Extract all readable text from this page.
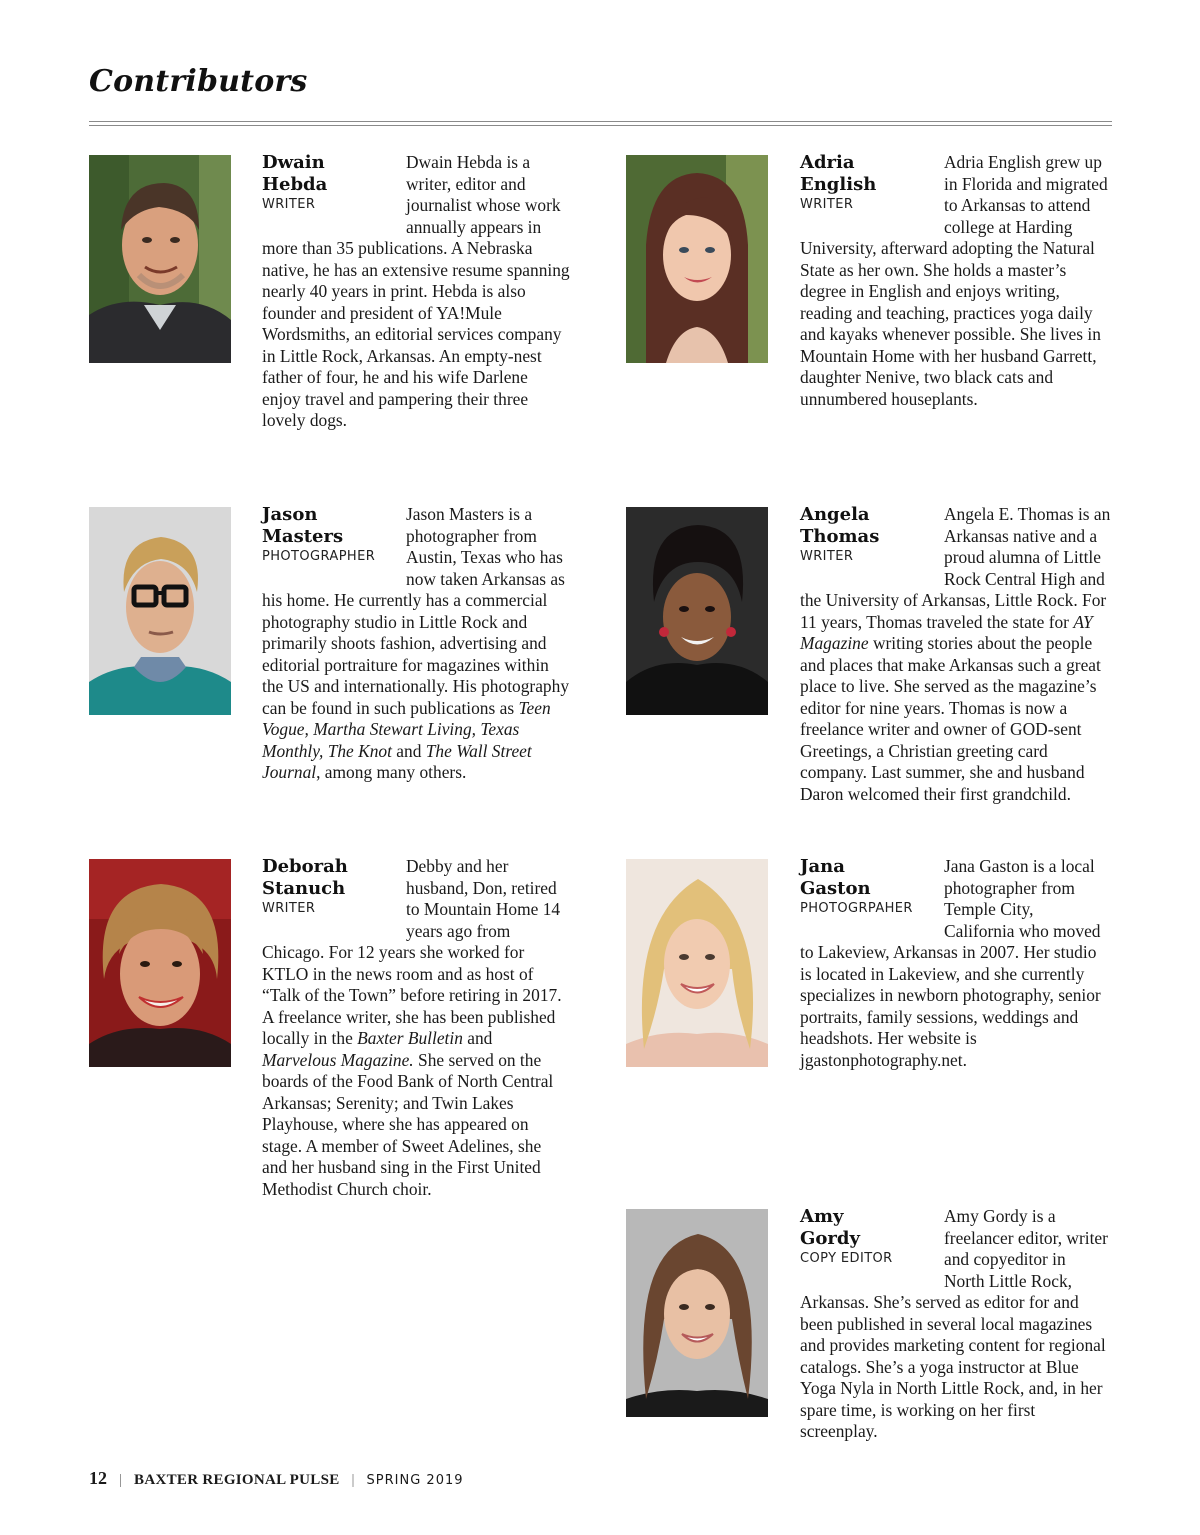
Contributors
Dwain
Hebda
WRITER
Dwain Hebda is a writer, editor and journalist whose work annually appears in more than 35 publications. A Nebraska native, he has an extensive resume spanning nearly 40 years in print. Hebda is also founder and president of YA!Mule Wordsmiths, an editorial services company in Little Rock, Arkansas. An empty-nest father of four, he and his wife Darlene enjoy travel and pampering their three lovely dogs.
Adria
English
WRITER
Adria English grew up in Florida and migrated to Arkansas to attend college at Harding University, afterward adopting the Natural State as her own. She holds a master’s degree in English and enjoys writing, reading and teaching, practices yoga daily and kayaks whenever possible. She lives in Mountain Home with her husband Garrett, daughter Nenive, two black cats and unnumbered houseplants.
Jason
Masters
PHOTOGRAPHER
Jason Masters is a photographer from Austin, Texas who has now taken Arkansas as his home. He currently has a commercial photography studio in Little Rock and primarily shoots fashion, advertising and editorial portraiture for magazines within the US and internationally. His photography can be found in such publications as Teen Vogue, Martha Stewart Living, Texas Monthly, The Knot and The Wall Street Journal, among many others.
Angela
Thomas
WRITER
Angela E. Thomas is an Arkansas native and a proud alumna of Little Rock Central High and the University of Arkansas, Little Rock. For 11 years, Thomas traveled the state for AY Magazine writing stories about the people and places that make Arkansas such a great place to live. She served as the magazine’s editor for nine years. Thomas is now a freelance writer and owner of GOD-sent Greetings, a Christian greeting card company. Last summer, she and husband Daron welcomed their first grandchild.
Deborah
Stanuch
WRITER
Debby and her husband, Don, retired to Mountain Home 14 years ago from Chicago. For 12 years she worked for KTLO in the news room and as host of “Talk of the Town” before retiring in 2017. A freelance writer, she has been published locally in the Baxter Bulletin and Marvelous Magazine. She served on the boards of the Food Bank of North Central Arkansas; Serenity; and Twin Lakes Playhouse, where she has appeared on stage. A member of Sweet Adelines, she and her husband sing in the First United Methodist Church choir.
Jana
Gaston
PHOTOGRPAHER
Jana Gaston is a local photographer from Temple City, California who moved to Lakeview, Arkansas in 2007. Her studio is located in Lakeview, and she currently specializes in newborn photography, senior portraits, family sessions, weddings and headshots. Her website is jgastonphotography.net.
Amy
Gordy
COPY EDITOR
Amy Gordy is a freelancer editor, writer and copyeditor in North Little Rock, Arkansas. She’s served as editor for and been published in several local magazines and provides marketing content for regional catalogs. She’s a yoga instructor at Blue Yoga Nyla in North Little Rock, and, in her spare time, is working on her first screenplay.
12 | BAXTER REGIONAL PULSE | SPRING 2019
